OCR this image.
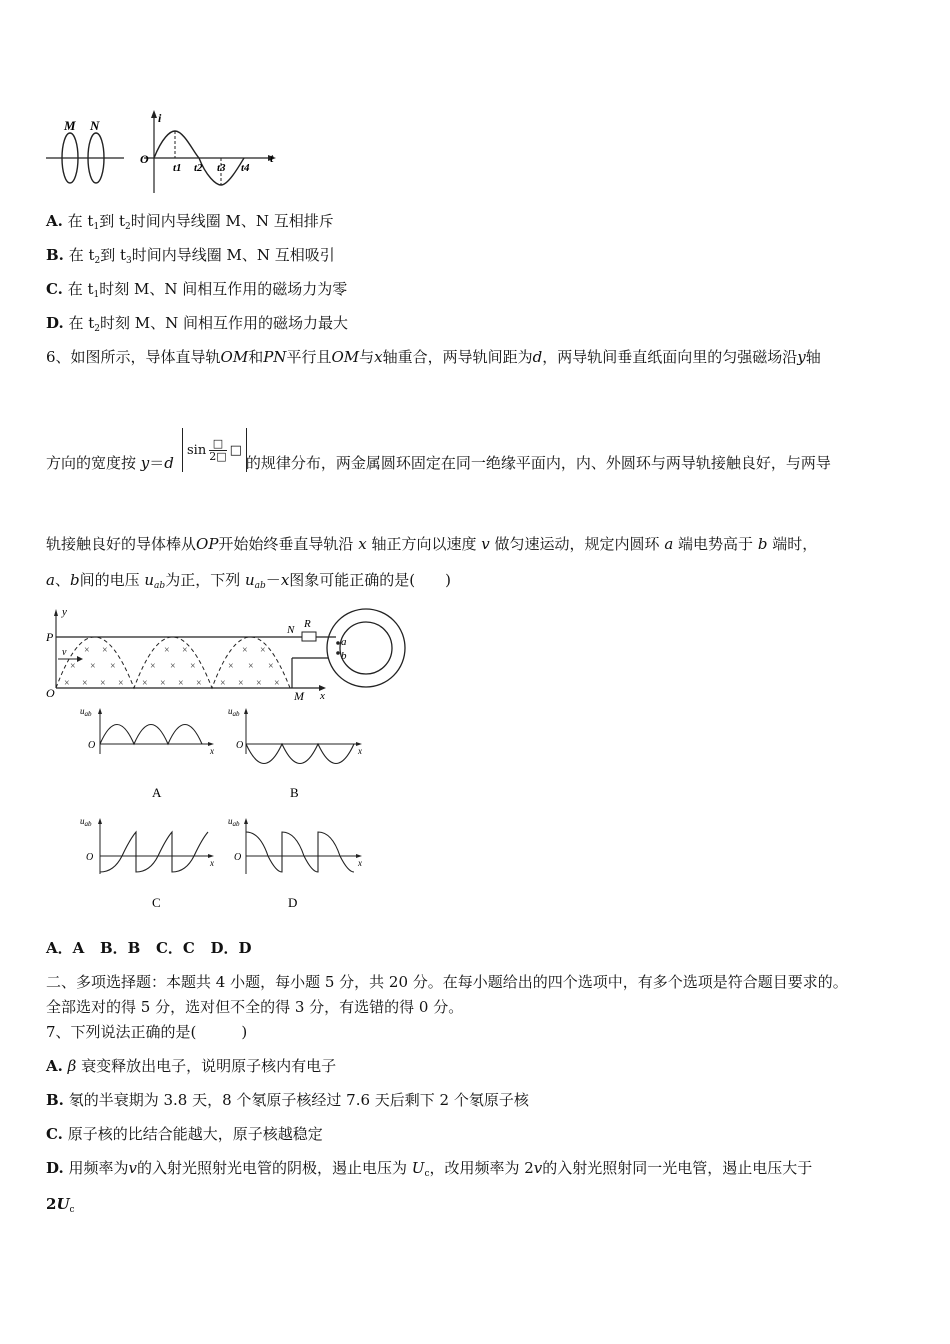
M N	i
O	t
t1 t2 t3 t4
A. 在 $t_1$到 $t_2$时间内导线圈 M、N 互相排斥
B. 在 $t_2$到 $t_3$时间内导线圈 M、N 互相吸引
C. 在 $t_1$时刻 M、N 间相互作用的磁场力为零
D. 在 $t_2$时刻 M、N 间相互作用的磁场力最大
6、如图所示，导体直导轨OM和PN平行且OM与x轴重合，两导轨间距为d，两导轨间垂直纸面向里的匀强磁场沿y轴
$\sin \frac{□}{2□}$ □
方向的宽度按 y＝d	的规律分布，两金属圆环固定在同一绝缘平面内，内、外圆环与两导轨接触良好，与两导
轨接触良好的导体棒从OP开始始终垂直导轨沿 x 轴正方向以速度 v 做匀速运动，规定内圆环 a 端电势高于 b 端时，
a、b间的电压 $u_{ab}$为正，下列 $u_{ab}-x$图象可能正确的是(　　)
y
P
O	M x
× ×
× × ×
× × × ×
× ×
× × ×
× × × ×
× ×
× × ×
× × × ×
v
N R
a
b
$u_{ab}$
O	x
A
$u_{ab}$
O	x
B
$u_{ab}$
O	x
C
$u_{ab}$
O	x
D
A．A B．B C．C D．D
二、多项选择题：本题共 4 小题，每小题 5 分，共 20 分。在每小题给出的四个选项中，有多个选项是符合题目要求的。
全部选对的得 5 分，选对但不全的得 3 分，有选错的得 0 分。
7、下列说法正确的是(　　　)
A. β 衰变释放出电子，说明原子核内有电子
B. 氡的半衰期为 3.8 天，8 个氡原子核经过 7.6 天后剩下 2 个氡原子核
C. 原子核的比结合能越大，原子核越稳定
D. 用频率为v的入射光照射光电管的阴极，遏止电压为 $U_c$，改用频率为 2v的入射光照射同一光电管，遏止电压大于
$2U_c$
